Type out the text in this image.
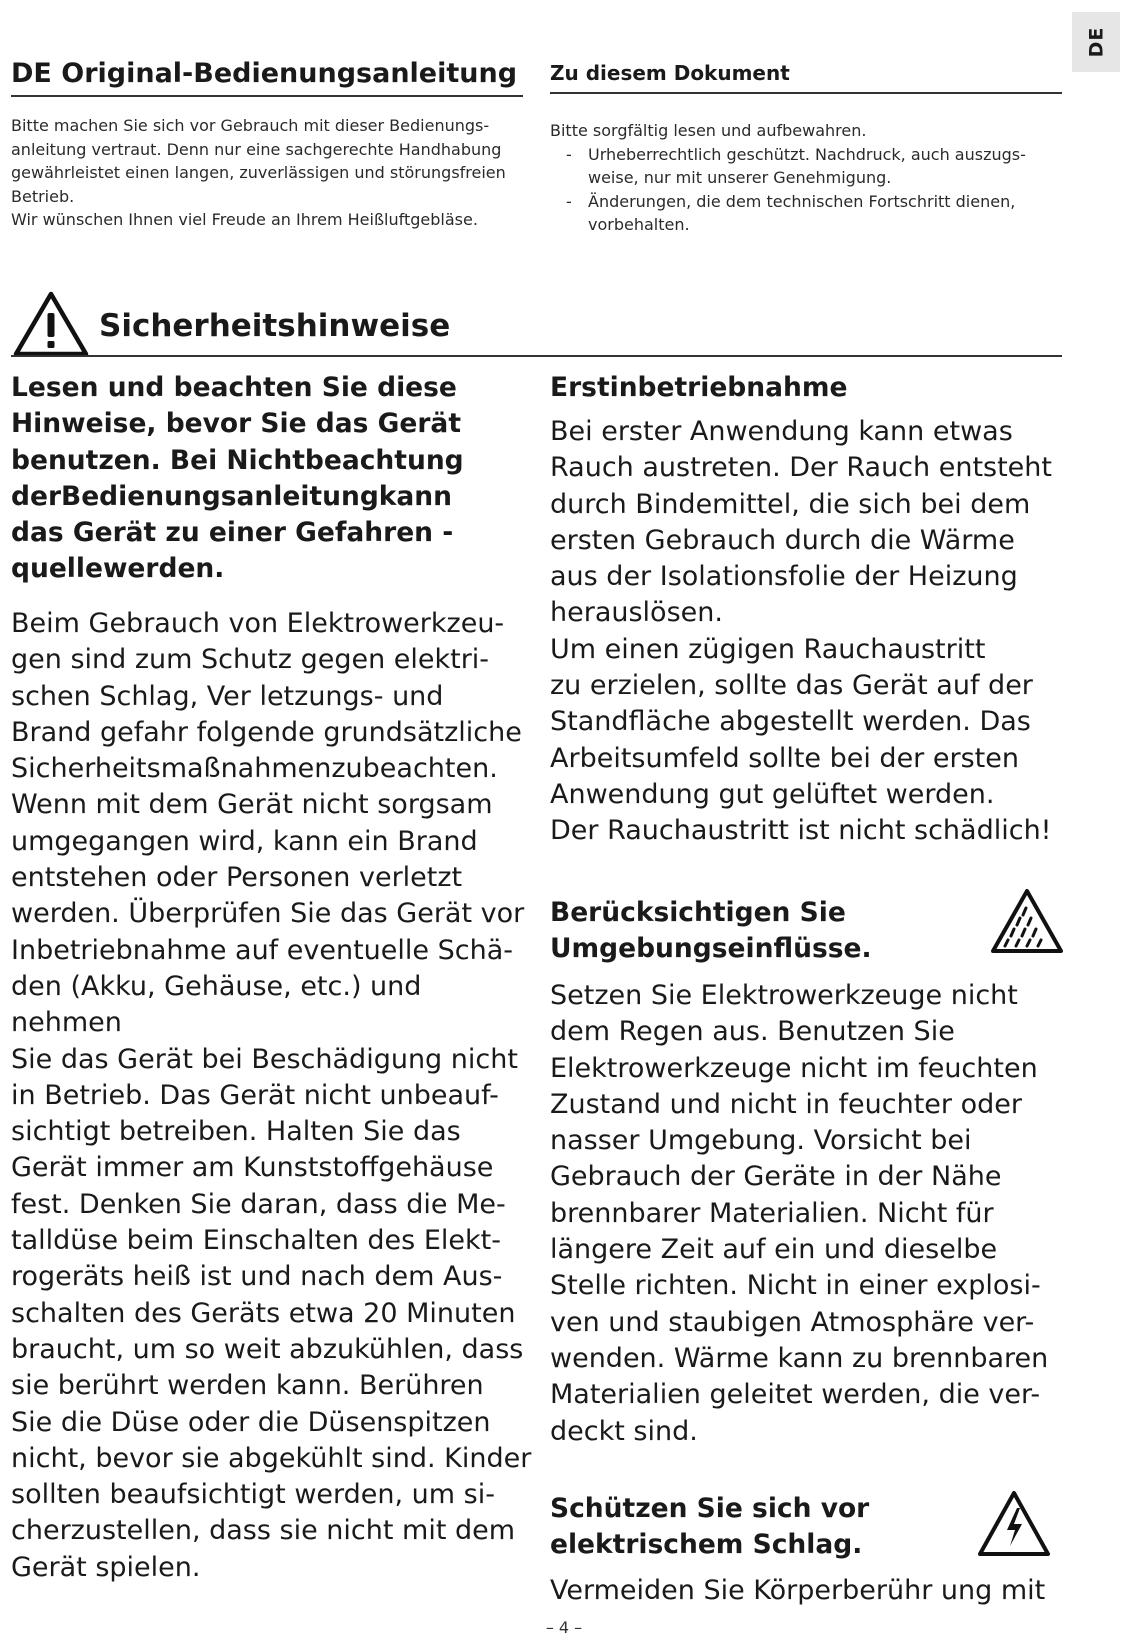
DE
DE Original-Bedienungsanleitung

Bitte machen Sie sich vor Gebrauch mit dieser Bedienungs-

anleitung vertraut. Denn nur eine sachgerechte Handhabung

gewährleistet einen langen, zuverlässigen und störungsfreien

Betrieb.

Wir wünschen Ihnen viel Freude an Ihrem Heißluftgebläse.

Zu diesem Dokument

Bitte sorgfältig lesen und aufbewahren.

- Urheberrechtlich geschützt. Nachdruck, auch auszugs-
weise, nur mit unserer Genehmigung.
- Änderungen, die dem technischen Fortschritt dienen,
vorbehalten.
Sicherheitshinweise
Lesen und beachten Sie diese
Hinweise, bevor Sie das Gerät
benutzen. Bei Nichtbeachtung
derBedienungsanleitungkann
das Gerät zu einer Gefahren -
quellewerden.
Beim Gebrauch von Elektrowerkzeu-
gen sind zum Schutz gegen elektri-
schen Schlag, Ver letzungs- und
Brand gefahr folgende grundsätzliche
Sicherheitsmaßnahmenzubeachten.
Wenn mit dem Gerät nicht sorgsam
umgegangen wird, kann ein Brand
entstehen oder Personen verletzt
werden. Überprüfen Sie das Gerät vor
Inbetriebnahme auf eventuelle Schä-
den (Akku, Gehäuse, etc.) und nehmen
Sie das Gerät bei Beschädigung nicht
in Betrieb. Das Gerät nicht unbeauf-
sichtigt betreiben. Halten Sie das
Gerät immer am Kunststoffgehäuse
fest. Denken Sie daran, dass die Me-
talldüse beim Einschalten des Elekt-
rogeräts heiß ist und nach dem Aus-
schalten des Geräts etwa 20 Minuten
braucht, um so weit abzukühlen, dass
sie berührt werden kann. Berühren
Sie die Düse oder die Düsenspitzen
nicht, bevor sie abgekühlt sind. Kinder
sollten beaufsichtigt werden, um si-
cherzustellen, dass sie nicht mit dem
Gerät spielen.
Erstinbetriebnahme
Bei erster Anwendung kann etwas
Rauch austreten. Der Rauch entsteht
durch Bindemittel, die sich bei dem
ersten Gebrauch durch die Wärme
aus der Isolationsfolie der Heizung
herauslösen.
Um einen zügigen Rauchaustritt
zu erzielen, sollte das Gerät auf der
Standfläche abgestellt werden. Das
Arbeitsumfeld sollte bei der ersten
Anwendung gut gelüftet werden.
Der Rauchaustritt ist nicht schädlich!
Berücksichtigen Sie
Umgebungseinflüsse.
Setzen Sie Elektrowerkzeuge nicht
dem Regen aus. Benutzen Sie
Elektrowerkzeuge nicht im feuchten
Zustand und nicht in feuchter oder
nasser Umgebung. Vorsicht bei
Gebrauch der Geräte in der Nähe
brennbarer Materialien. Nicht für
längere Zeit auf ein und dieselbe
Stelle richten. Nicht in einer explosi-
ven und staubigen Atmosphäre ver-
wenden. Wärme kann zu brennbaren
Materialien geleitet werden, die ver-
deckt sind.
Schützen Sie sich vor
elektrischem Schlag.
Vermeiden Sie Körperberühr ung mit
– 4 –
